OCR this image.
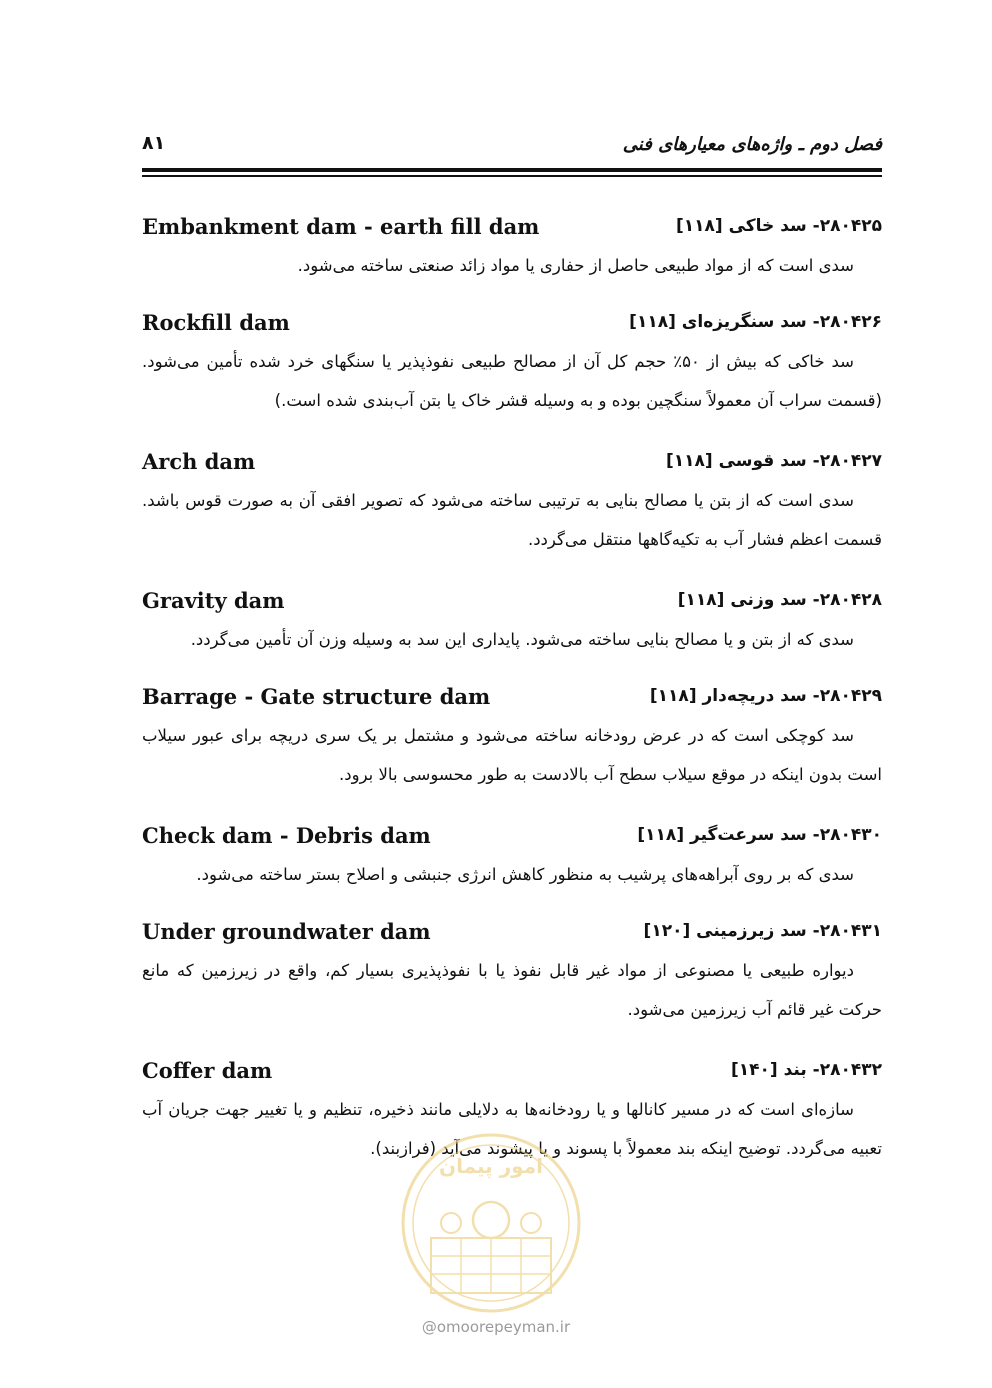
فصل دوم ـ واژه‌های معیارهای فنی
۸۱
Embankment dam - earth fill dam	۲۸۰۴۲۵- سد خاکی [۱۱۸]

سدی است که از مواد طبیعی حاصل از حفاری یا مواد زائد صنعتی ساخته می‌شود.

Rockfill dam	۲۸۰۴۲۶- سد سنگریزه‌ای [۱۱۸]

سد خاکی که بیش از ۵۰٪ حجم کل آن از مصالح طبیعی نفوذپذیر یا سنگهای خرد شده تأمین می‌شود. (قسمت سراب آن معمولاً سنگچین بوده و به وسیله قشر خاک یا بتن آب‌بندی شده است.)

Arch dam	۲۸۰۴۲۷- سد قوسی [۱۱۸]

سدی است که از بتن یا مصالح بنایی به ترتیبی ساخته می‌شود که تصویر افقی آن به صورت قوس باشد. قسمت اعظم فشار آب به تکیه‌گاهها منتقل می‌گردد.

Gravity dam	۲۸۰۴۲۸- سد وزنی [۱۱۸]

سدی که از بتن و یا مصالح بنایی ساخته می‌شود. پایداری این سد به وسیله وزن آن تأمین می‌گردد.

Barrage - Gate structure dam	۲۸۰۴۲۹- سد دریچه‌دار [۱۱۸]

سد کوچکی است که در عرض رودخانه ساخته می‌شود و مشتمل بر یک سری دریچه برای عبور سیلاب است بدون اینکه در موقع سیلاب سطح آب بالادست به طور محسوسی بالا برود.

Check dam - Debris dam	۲۸۰۴۳۰- سد سرعت‌گیر [۱۱۸]

سدی که بر روی آبراهه‌های پرشیب به منظور کاهش انرژی جنبشی و اصلاح بستر ساخته می‌شود.

Under groundwater dam	۲۸۰۴۳۱- سد زیرزمینی [۱۲۰]

دیواره طبیعی یا مصنوعی از مواد غیر قابل نفوذ یا با نفوذپذیری بسیار کم، واقع در زیرزمین که مانع حرکت غیر قائم آب زیرزمین می‌شود.

Coffer dam	۲۸۰۴۳۲- بند [۱۴۰]

سازه‌ای است که در مسیر کانالها و یا رودخانه‌ها به دلایلی مانند ذخیره، تنظیم و یا تغییر جهت جریان آب تعبیه می‌گردد. توضیح اینکه بند معمولاً با پسوند و یا پیشوند می‌آید (فرازبند).

امور پیمان
@omoorepeyman.ir
